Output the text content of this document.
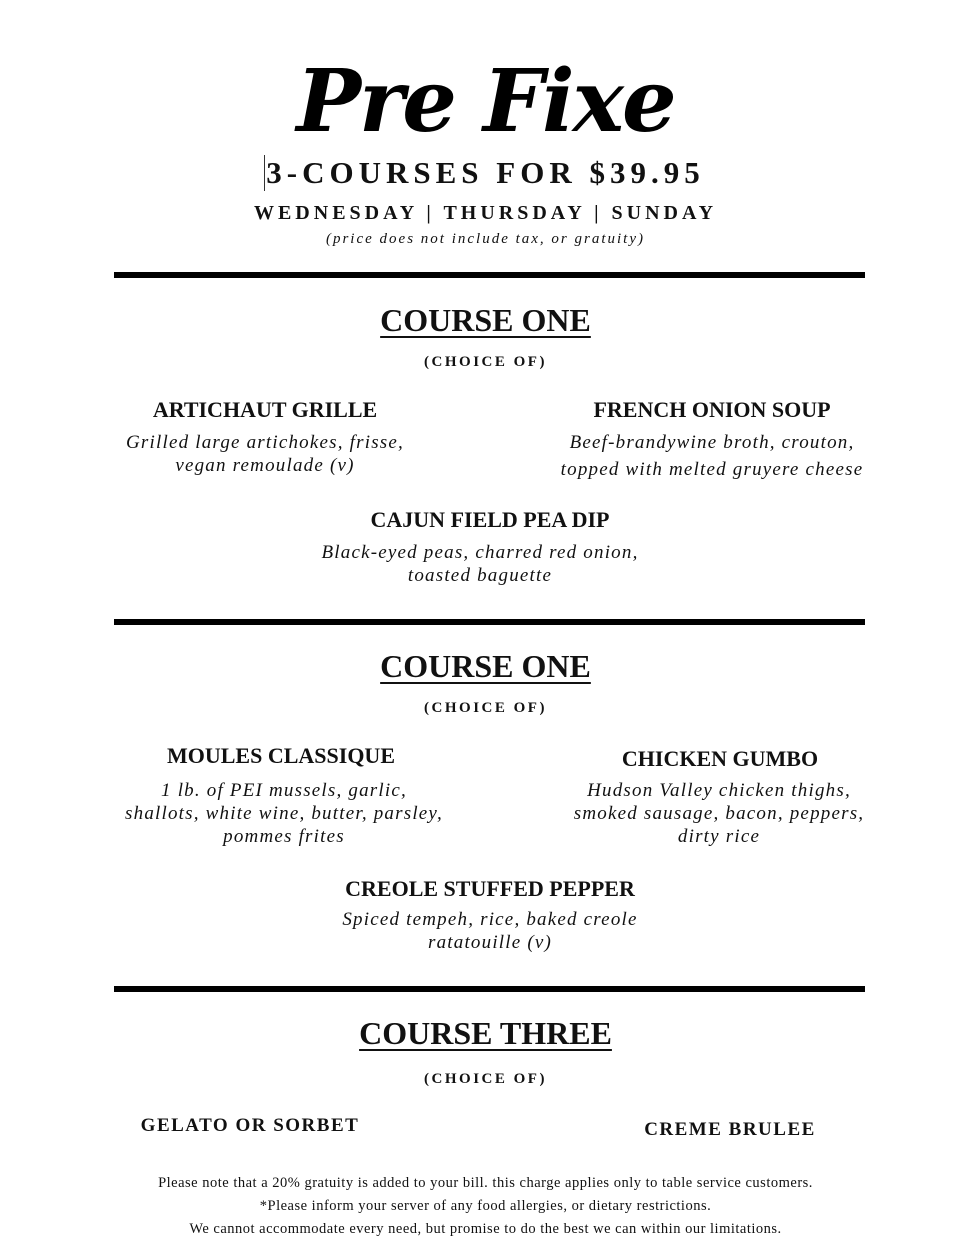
Pre Fixe
3-COURSES FOR $39.95
WEDNESDAY | THURSDAY | SUNDAY
(price does not include tax, or gratuity)
COURSE ONE
(CHOICE OF)
ARTICHAUT GRILLE
Grilled large artichokes, frisse,
vegan remoulade (v)
FRENCH ONION SOUP
Beef-brandywine broth, crouton,
topped with melted gruyere cheese
CAJUN FIELD PEA DIP
Black-eyed peas, charred red onion,
toasted baguette
COURSE ONE
(CHOICE OF)
MOULES CLASSIQUE
1 lb. of PEI mussels, garlic,
shallots, white wine, butter, parsley,
pommes frites
CHICKEN GUMBO
Hudson Valley chicken thighs,
smoked sausage, bacon, peppers,
dirty rice
CREOLE STUFFED PEPPER
Spiced tempeh, rice, baked creole
ratatouille (v)
COURSE THREE
(CHOICE OF)
GELATO OR SORBET	CREME BRULEE
Please note that a 20% gratuity is added to your bill. this charge applies only to table service customers.
*Please inform your server of any food allergies, or dietary restrictions.
We cannot accommodate every need, but promise to do the best we can within our limitations.
